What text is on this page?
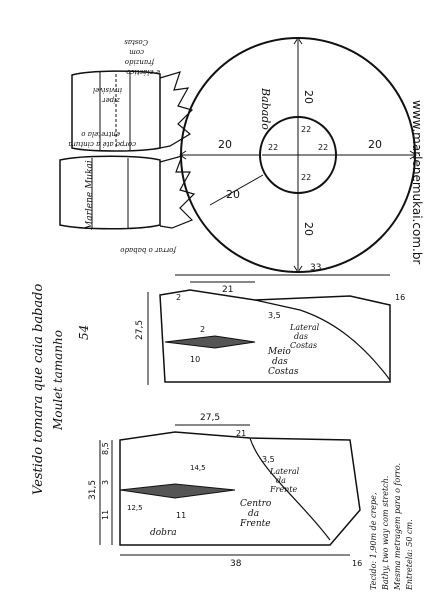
20
20
20	20
20
22
22	22
22
Babado	www.marlenemukai.com.br
zíper
invisível
Costas
com
franzido
e elástico
entretela o
corpo até a cintura
forrar o babado
Marlene Mukai
Vestido tomara que caia babado Moulet tamanho 54	27,5
33
21
16
2
10
2
3,5
Meio
das
Costas
Lateral
das
Costas
31,5
8,5
3
11
12,5
14,5
27,5
21
38	16
3,5
11
dobra
Centro
da
Frente
Lateral
da
Frente
Tecido: 1,90m de crepe, Bathy, two way com stretch. Mesma metragem para o forro. Entretela: 50 cm.
